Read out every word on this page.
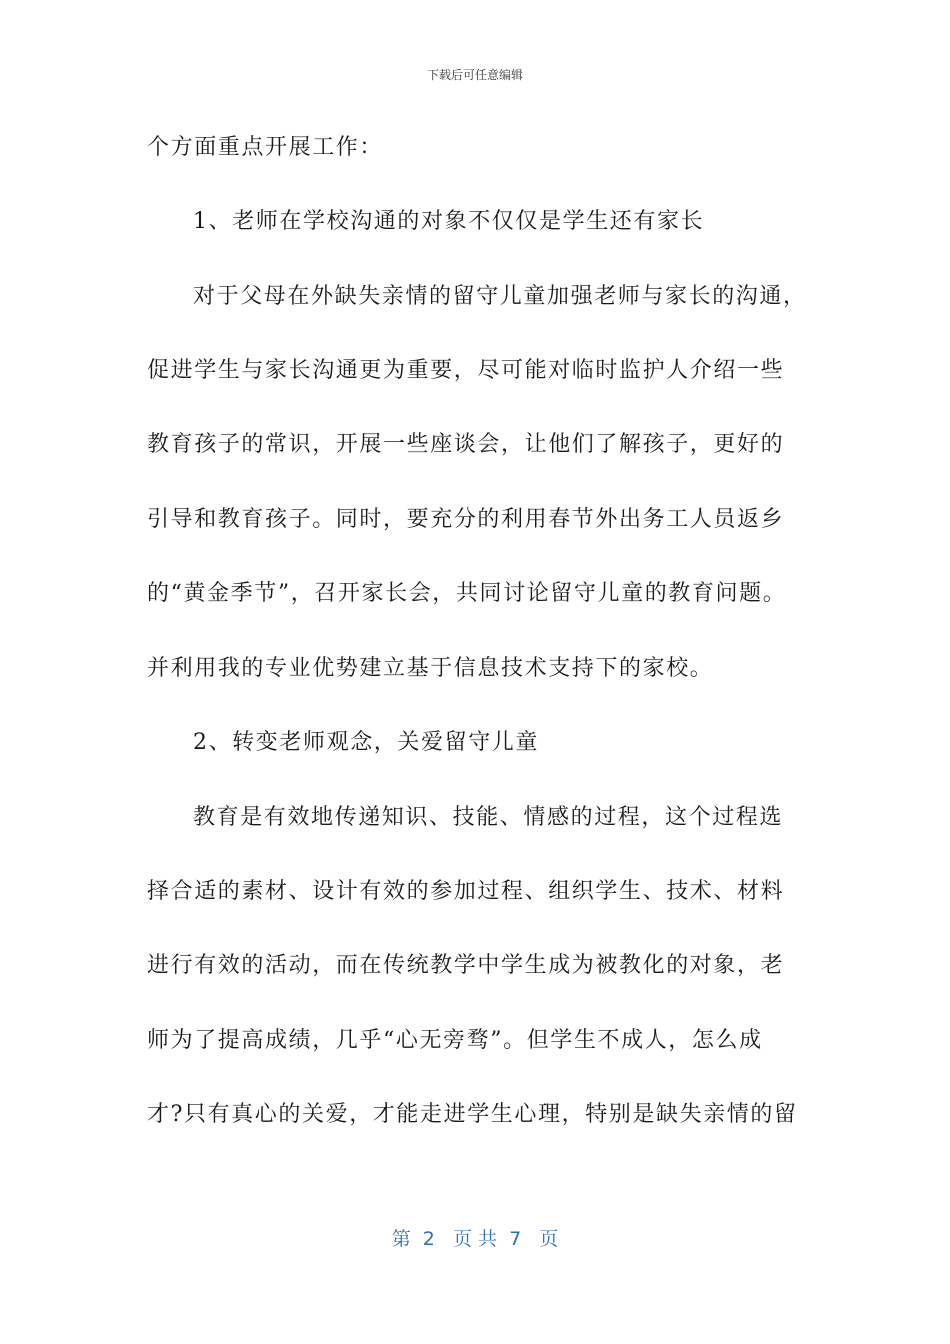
下载后可任意编辑
个方面重点开展工作：
1、老师在学校沟通的对象不仅仅是学生还有家长
对于父母在外缺失亲情的留守儿童加强老师与家长的沟通，
促进学生与家长沟通更为重要，尽可能对临时监护人介绍一些
教育孩子的常识，开展一些座谈会，让他们了解孩子，更好的
引导和教育孩子。同时，要充分的利用春节外出务工人员返乡
的“黄金季节”，召开家长会，共同讨论留守儿童的教育问题。
并利用我的专业优势建立基于信息技术支持下的家校。
2、转变老师观念，关爱留守儿童
教育是有效地传递知识、技能、情感的过程，这个过程选
择合适的素材、设计有效的参加过程、组织学生、技术、材料
进行有效的活动，而在传统教学中学生成为被教化的对象，老
师为了提高成绩，几乎“心无旁骛”。但学生不成人，怎么成
才?只有真心的关爱，才能走进学生心理，特别是缺失亲情的留
第  2   页 共  7   页
